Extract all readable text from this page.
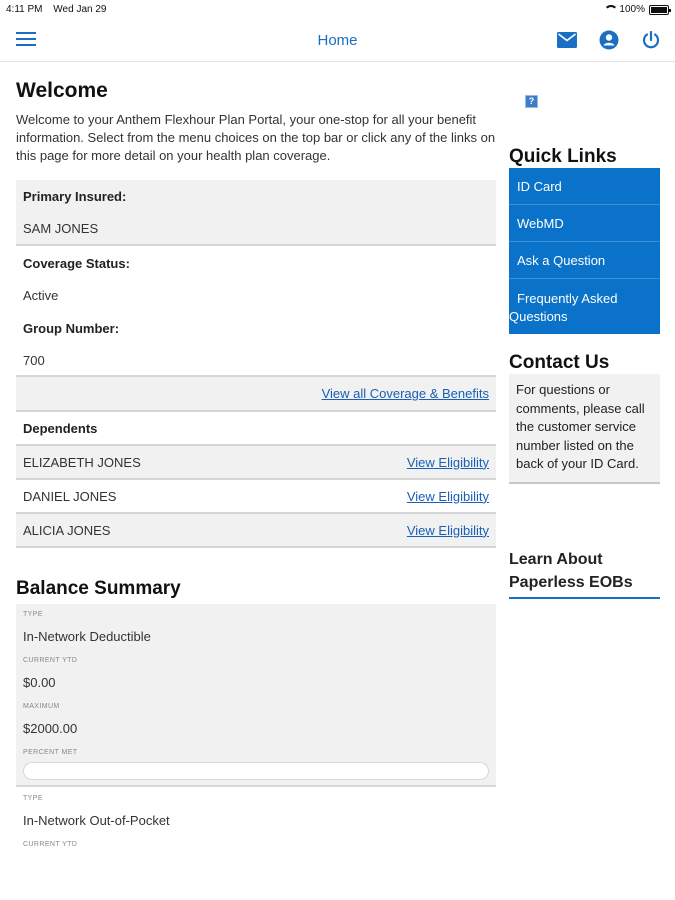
4:11 PM Wed Jan 29	100%
Home
Welcome

Welcome to your Anthem Flexhour Plan Portal, your one-stop for all your benefit information. Select from the menu choices on the top bar or click any of the links on this page for more detail on your health plan coverage.

Primary Insured:
SAM JONES
Coverage Status:
Active
Group Number:
700
View all Coverage & Benefits
Dependents
ELIZABETH JONES	View Eligibility
DANIEL JONES	View Eligibility
ALICIA JONES	View Eligibility
Balance Summary
TYPE
In-Network Deductible
CURRENT YTD
$0.00
MAXIMUM
$2000.00
PERCENT MET
TYPE
In-Network Out-of-Pocket
CURRENT YTD
?
Quick Links
ID Card
WebMD
Ask a Question
Frequently Asked Questions
Contact Us
For questions or comments, please call the customer service number listed on the back of your ID Card.
Learn About Paperless EOBs
